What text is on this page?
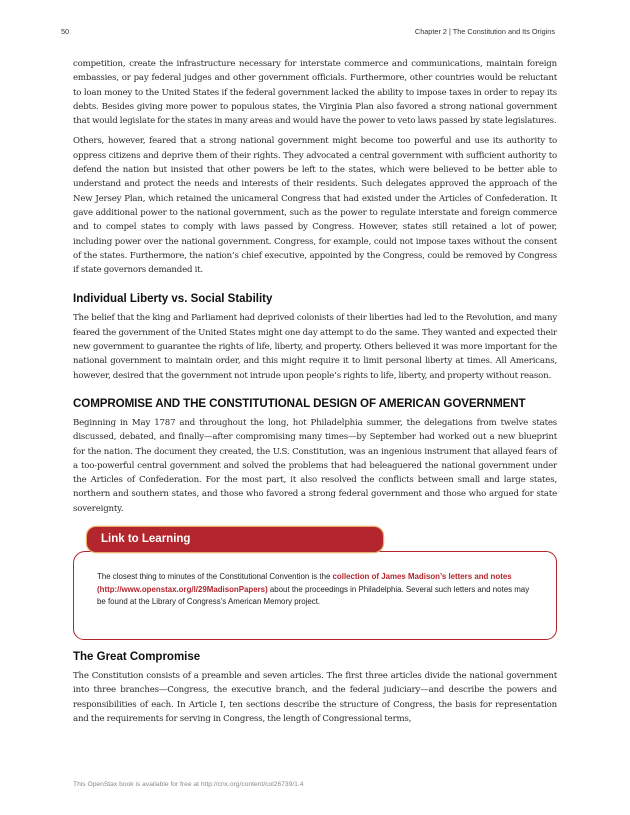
50	Chapter 2 | The Constitution and Its Origins

competition, create the infrastructure necessary for interstate commerce and communications, maintain foreign embassies, or pay federal judges and other government officials. Furthermore, other countries would be reluctant to loan money to the United States if the federal government lacked the ability to impose taxes in order to repay its debts. Besides giving more power to populous states, the Virginia Plan also favored a strong national government that would legislate for the states in many areas and would have the power to veto laws passed by state legislatures.

Others, however, feared that a strong national government might become too powerful and use its authority to oppress citizens and deprive them of their rights. They advocated a central government with sufficient authority to defend the nation but insisted that other powers be left to the states, which were believed to be better able to understand and protect the needs and interests of their residents. Such delegates approved the approach of the New Jersey Plan, which retained the unicameral Congress that had existed under the Articles of Confederation. It gave additional power to the national government, such as the power to regulate interstate and foreign commerce and to compel states to comply with laws passed by Congress. However, states still retained a lot of power, including power over the national government. Congress, for example, could not impose taxes without the consent of the states. Furthermore, the nation’s chief executive, appointed by the Congress, could be removed by Congress if state governors demanded it.

Individual Liberty vs. Social Stability

The belief that the king and Parliament had deprived colonists of their liberties had led to the Revolution, and many feared the government of the United States might one day attempt to do the same. They wanted and expected their new government to guarantee the rights of life, liberty, and property. Others believed it was more important for the national government to maintain order, and this might require it to limit personal liberty at times. All Americans, however, desired that the government not intrude upon people’s rights to life, liberty, and property without reason.

COMPROMISE AND THE CONSTITUTIONAL DESIGN OF AMERICAN GOVERNMENT

Beginning in May 1787 and throughout the long, hot Philadelphia summer, the delegations from twelve states discussed, debated, and finally—after compromising many times—by September had worked out a new blueprint for the nation. The document they created, the U.S. Constitution, was an ingenious instrument that allayed fears of a too-powerful central government and solved the problems that had beleaguered the national government under the Articles of Confederation. For the most part, it also resolved the conflicts between small and large states, northern and southern states, and those who favored a strong federal government and those who argued for state sovereignty.

Link to Learning
The closest thing to minutes of the Constitutional Convention is the collection of James Madison’s letters and notes (http://www.openstax.org/l/29MadisonPapers) about the proceedings in Philadelphia. Several such letters and notes may be found at the Library of Congress’s American Memory project.
The Great Compromise

The Constitution consists of a preamble and seven articles. The first three articles divide the national government into three branches—Congress, the executive branch, and the federal judiciary—and describe the powers and responsibilities of each. In Article I, ten sections describe the structure of Congress, the basis for representation and the requirements for serving in Congress, the length of Congressional terms,

This OpenStax book is available for free at http://cnx.org/content/col26739/1.4
